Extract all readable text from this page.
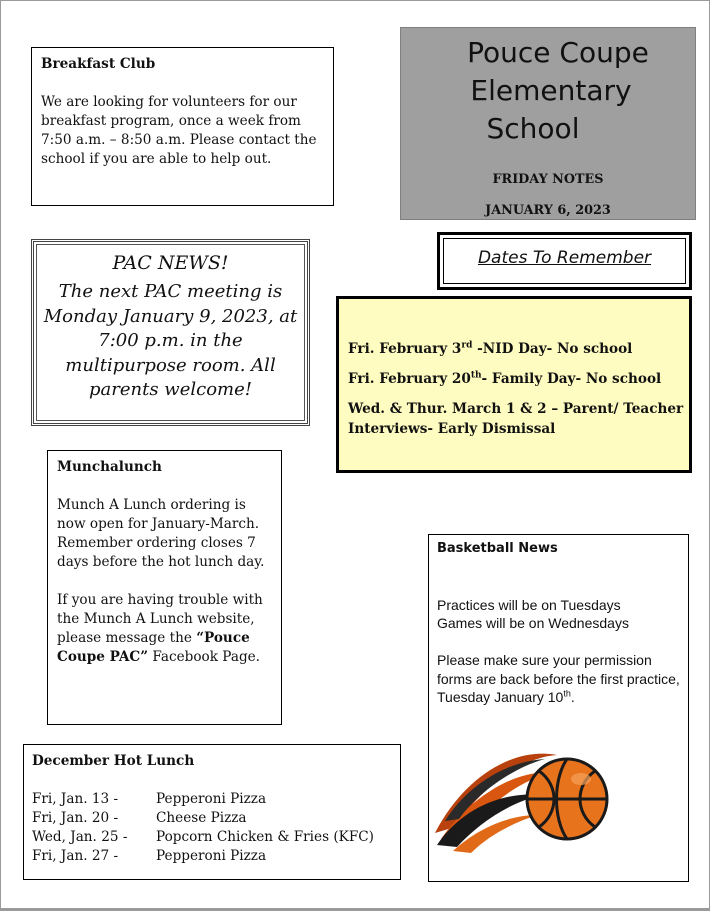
Breakfast Club
We are looking for volunteers for our breakfast program, once a week from 7:50 a.m. – 8:50 a.m. Please contact the school if you are able to help out.
Pouce Coupe
Elementary
School
FRIDAY NOTES
JANUARY 6, 2023
PAC NEWS!
The next PAC meeting is Monday January 9, 2023, at 7:00 p.m. in the multipurpose room. All parents welcome!
Dates To Remember
Fri. February 3rd -NID Day- No school
Fri. February 20th- Family Day- No school
Wed. & Thur. March 1 & 2 – Parent/ Teacher Interviews- Early Dismissal
Munchalunch
Munch A Lunch ordering is now open for January-March. Remember ordering closes 7 days before the hot lunch day.
If you are having trouble with the Munch A Lunch website, please message the “Pouce Coupe PAC” Facebook Page.
Basketball News
Practices will be on Tuesdays
Games will be on Wednesdays
Please make sure your permission forms are back before the first practice, Tuesday January 10th.
December Hot Lunch
Fri, Jan. 13 -	Pepperoni Pizza
Fri, Jan. 20 -	Cheese Pizza
Wed, Jan. 25 -	Popcorn Chicken & Fries (KFC)
Fri, Jan. 27 -	Pepperoni Pizza
